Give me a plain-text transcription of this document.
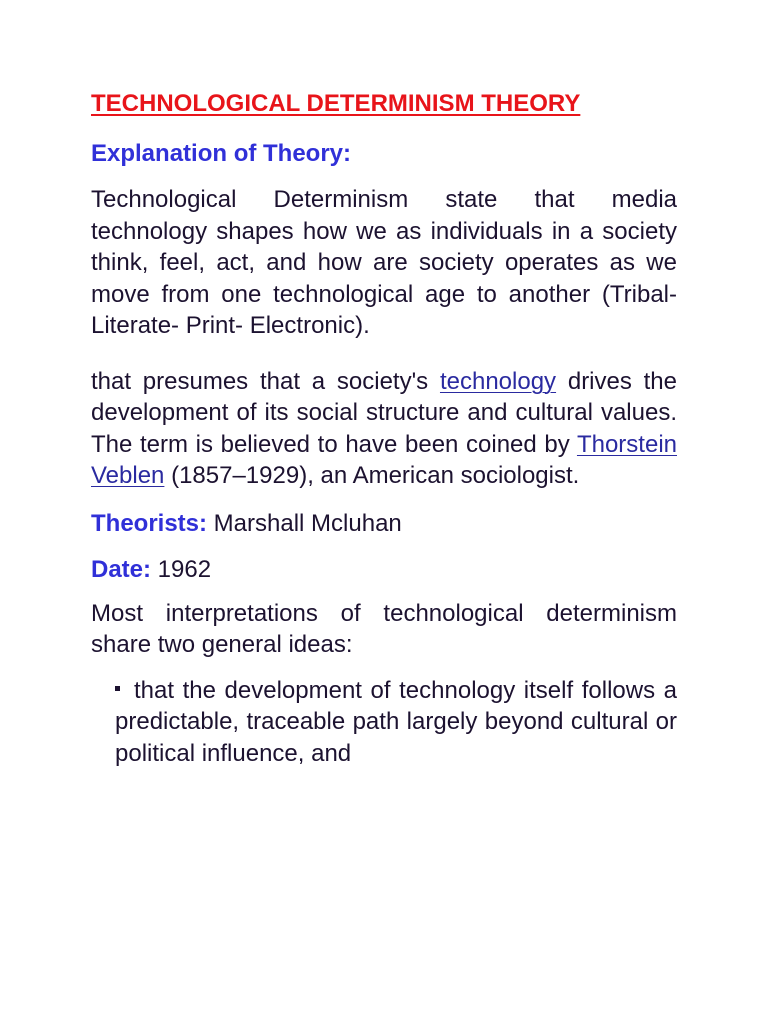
TECHNOLOGICAL DETERMINISM THEORY
Explanation of Theory:

Technological Determinism state that media technology shapes how we as individuals in a society think, feel, act, and how are society operates as we move from one technological age to another (Tribal- Literate- Print- Electronic).

that presumes that a society's technology drives the development of its social structure and cultural values. The term is believed to have been coined by Thorstein Veblen (1857–1929), an American sociologist.

Theorists: Marshall Mcluhan
Date: 1962

Most interpretations of technological determinism share two general ideas:

that the development of technology itself follows a predictable, traceable path largely beyond cultural or political influence, and
